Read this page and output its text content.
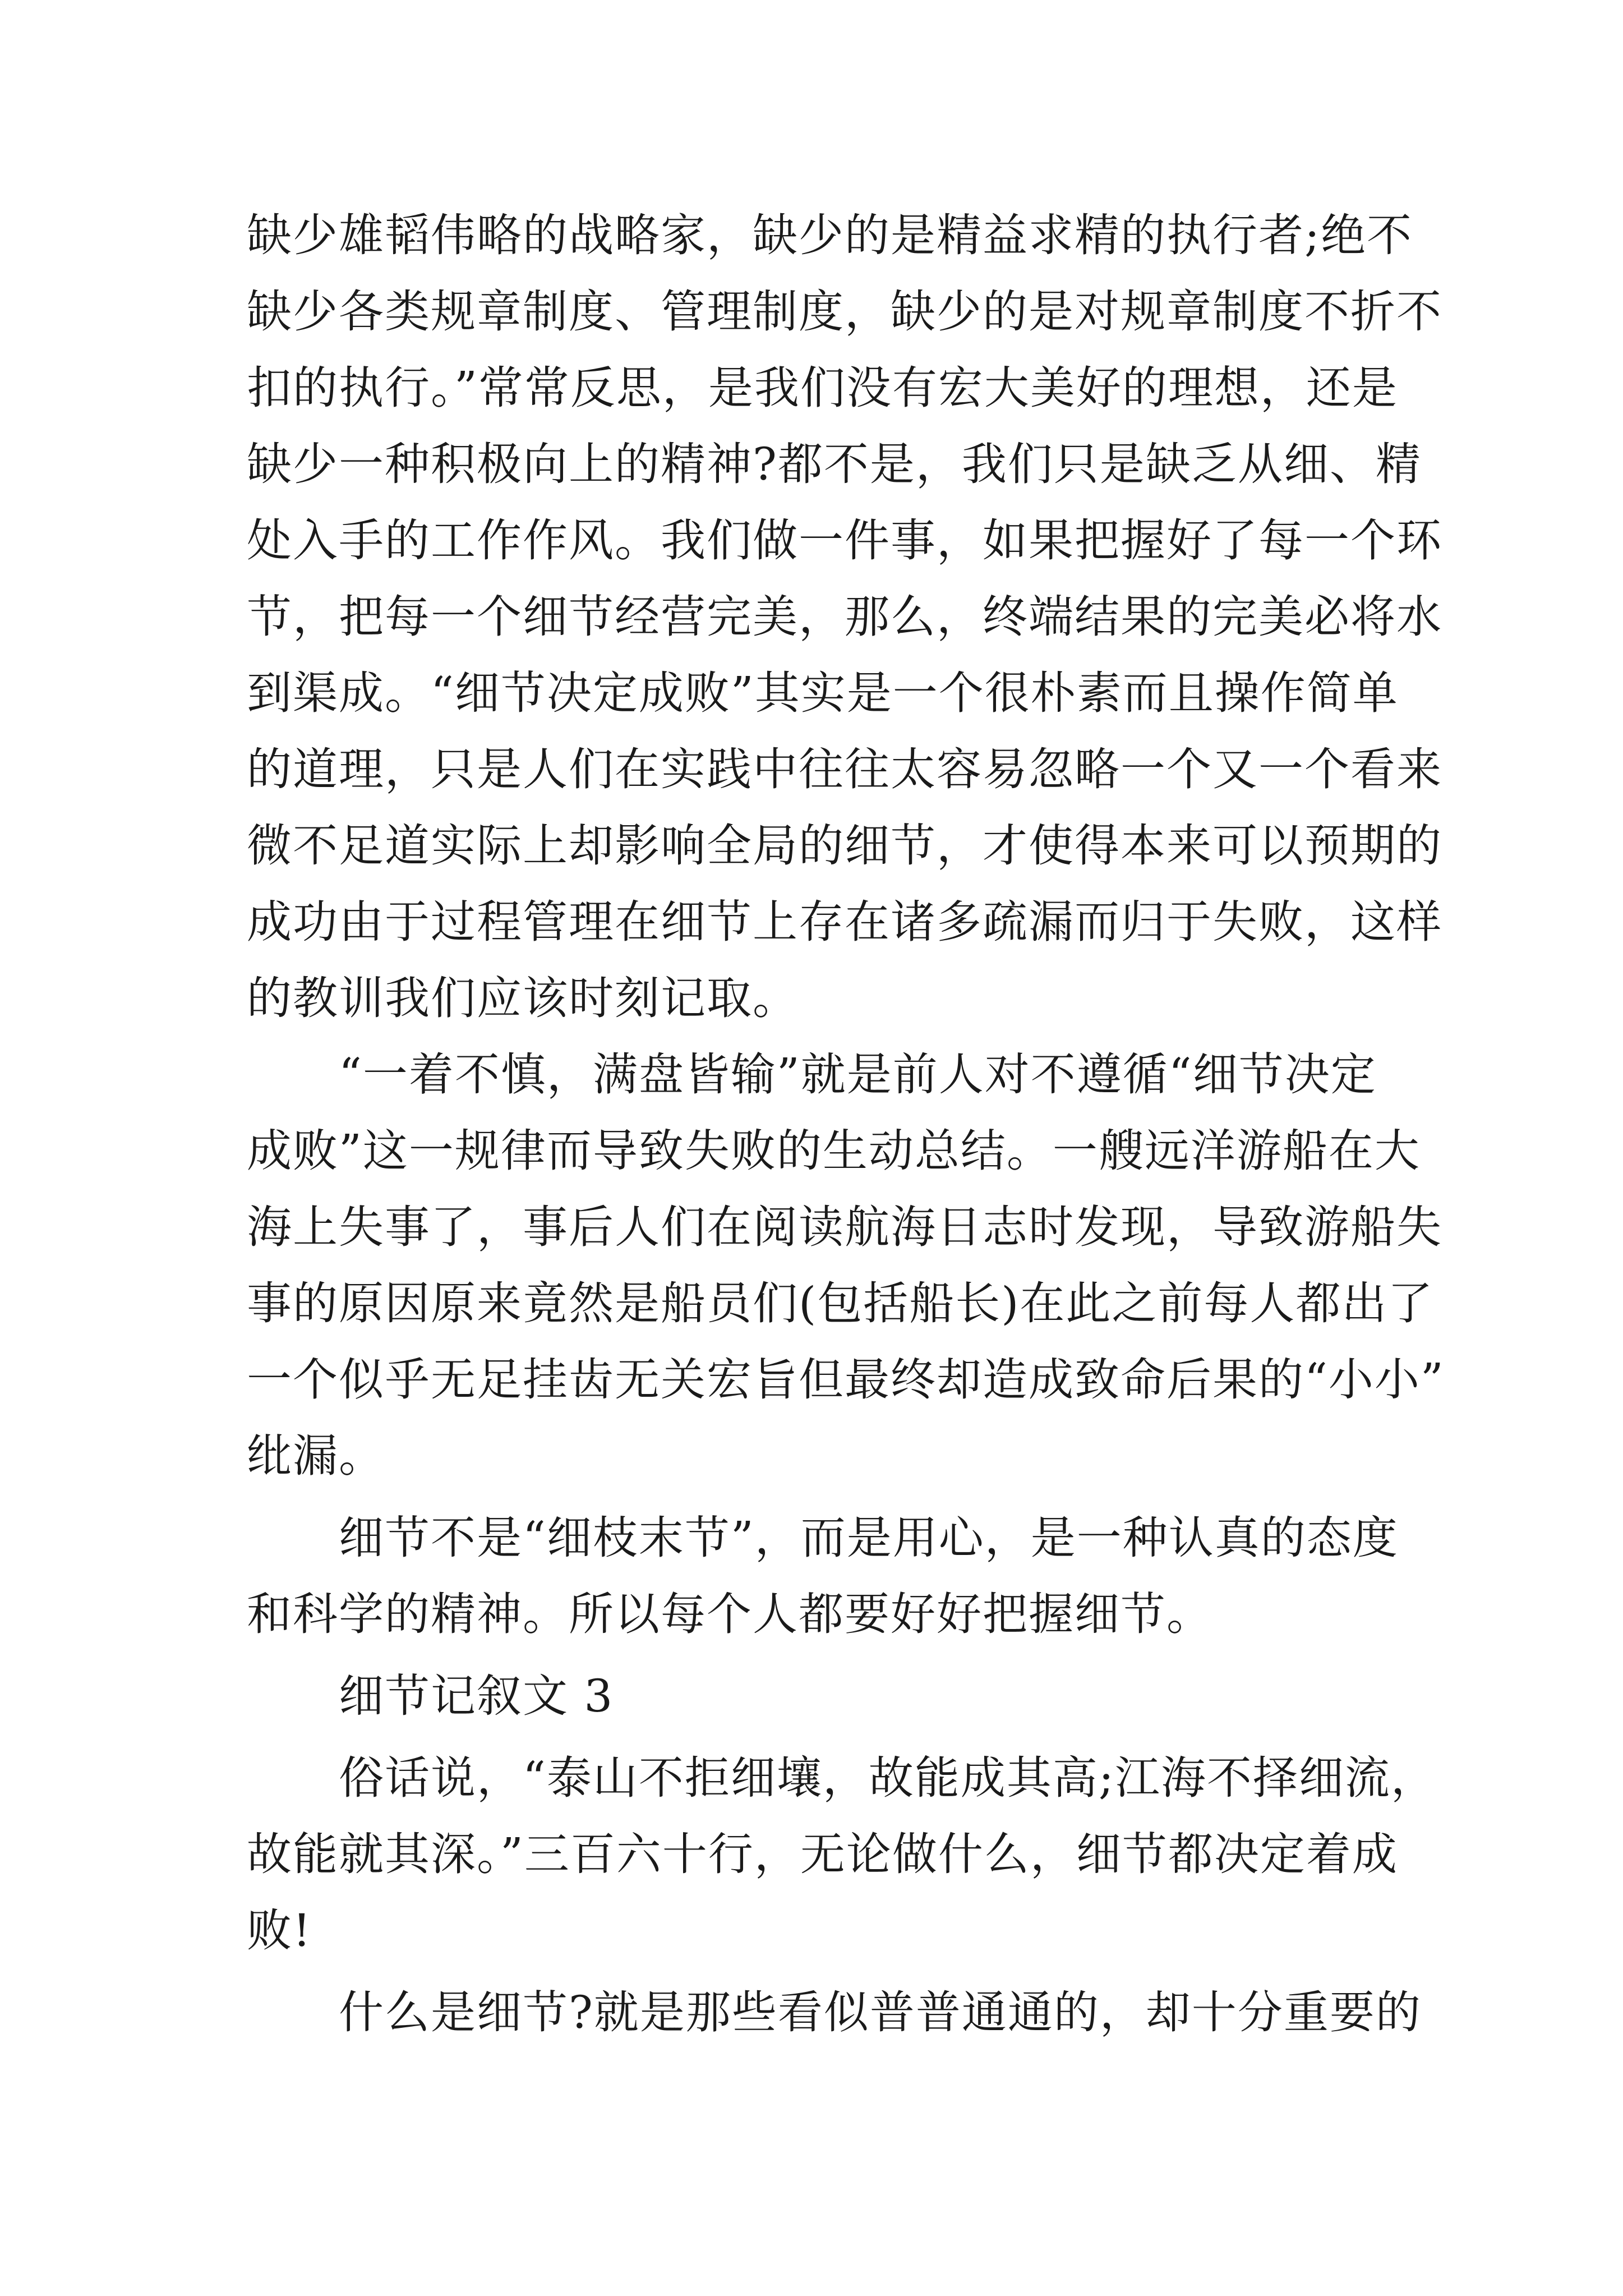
缺少雄韬伟略的战略家，缺少的是精益求精的执行者;绝不
缺少各类规章制度、管理制度，缺少的是对规章制度不折不
扣的执行。”常常反思，是我们没有宏大美好的理想，还是
缺少一种积极向上的精神?都不是，我们只是缺乏从细、精
处入手的工作作风。我们做一件事，如果把握好了每一个环
节，把每一个细节经营完美，那么，终端结果的完美必将水
到渠成。“细节决定成败”其实是一个很朴素而且操作简单
的道理，只是人们在实践中往往太容易忽略一个又一个看来
微不足道实际上却影响全局的细节，才使得本来可以预期的
成功由于过程管理在细节上存在诸多疏漏而归于失败，这样
的教训我们应该时刻记取。
“一着不慎，满盘皆输”就是前人对不遵循“细节决定
成败”这一规律而导致失败的生动总结。一艘远洋游船在大
海上失事了，事后人们在阅读航海日志时发现，导致游船失
事的原因原来竟然是船员们(包括船长)在此之前每人都出了
一个似乎无足挂齿无关宏旨但最终却造成致命后果的“小小”
纰漏。
细节不是“细枝末节”，而是用心，是一种认真的态度
和科学的精神。所以每个人都要好好把握细节。
细节记叙文 3
俗话说，“泰山不拒细壤，故能成其高;江海不择细流，
故能就其深。”三百六十行，无论做什么，细节都决定着成
败!
什么是细节?就是那些看似普普通通的，却十分重要的
